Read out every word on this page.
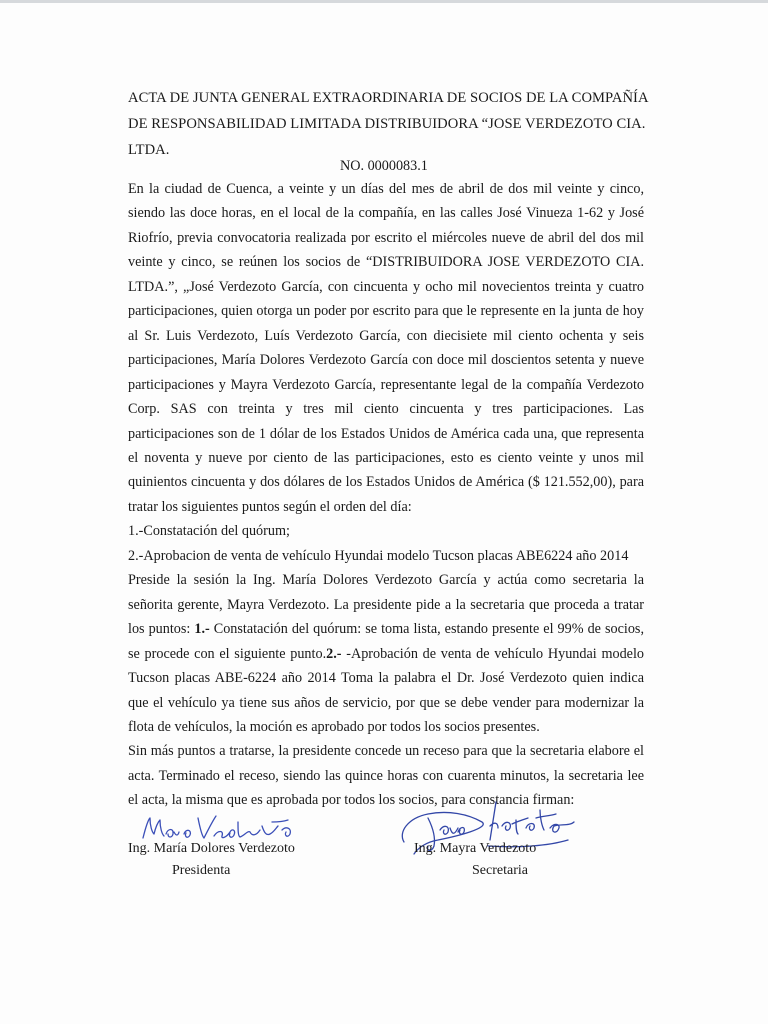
ACTA DE JUNTA GENERAL EXTRAORDINARIA DE SOCIOS DE LA COMPAÑÍA DE RESPONSABILIDAD LIMITADA DISTRIBUIDORA “JOSE VERDEZOTO CIA. LTDA.
NO. 0000083.1

En la ciudad de Cuenca, a veinte y un días del mes de abril de dos mil veinte y cinco, siendo las doce horas, en el local de la compañía, en las calles José Vinueza 1-62 y José Riofrío, previa convocatoria realizada por escrito el miércoles nueve de abril del dos mil veinte y cinco, se reúnen los socios de “DISTRIBUIDORA JOSE VERDEZOTO CIA. LTDA.”, „José Verdezoto García, con cincuenta y ocho mil novecientos treinta y cuatro participaciones, quien otorga un poder por escrito para que le represente en la junta de hoy al Sr. Luis Verdezoto, Luís Verdezoto García, con diecisiete mil ciento ochenta y seis participaciones, María Dolores Verdezoto García con doce mil doscientos setenta y nueve participaciones y Mayra Verdezoto García, representante legal de la compañía Verdezoto Corp. SAS con treinta y tres mil ciento cincuenta y tres participaciones. Las participaciones son de 1 dólar de los Estados Unidos de América cada una, que representa el noventa y nueve por ciento de las participaciones, esto es ciento veinte y unos mil quinientos cincuenta y dos dólares de los Estados Unidos de América ($ 121.552,00), para tratar los siguientes puntos según el orden del día:

1.-Constatación del quórum;

2.-Aprobacion de venta de vehículo Hyundai modelo Tucson placas ABE6224 año 2014

Preside la sesión la Ing. María Dolores Verdezoto García y actúa como secretaria la señorita gerente, Mayra Verdezoto. La presidente pide a la secretaria que proceda a tratar los puntos: 1.- Constatación del quórum: se toma lista, estando presente el 99% de socios, se procede con el siguiente punto.2.- -Aprobación de venta de vehículo Hyundai modelo Tucson placas ABE-6224 año 2014 Toma la palabra el Dr. José Verdezoto quien indica que el vehículo ya tiene sus años de servicio, por que se debe vender para modernizar la flota de vehículos, la moción es aprobado por todos los socios presentes.

Sin más puntos a tratarse, la presidente concede un receso para que la secretaria elabore el acta. Terminado el receso, siendo las quince horas con cuarenta minutos, la secretaria lee el acta, la misma que es aprobada por todos los socios, para constancia firman:

Ing. María Dolores Verdezoto
Presidenta
Ing. Mayra Verdezoto
Secretaria
